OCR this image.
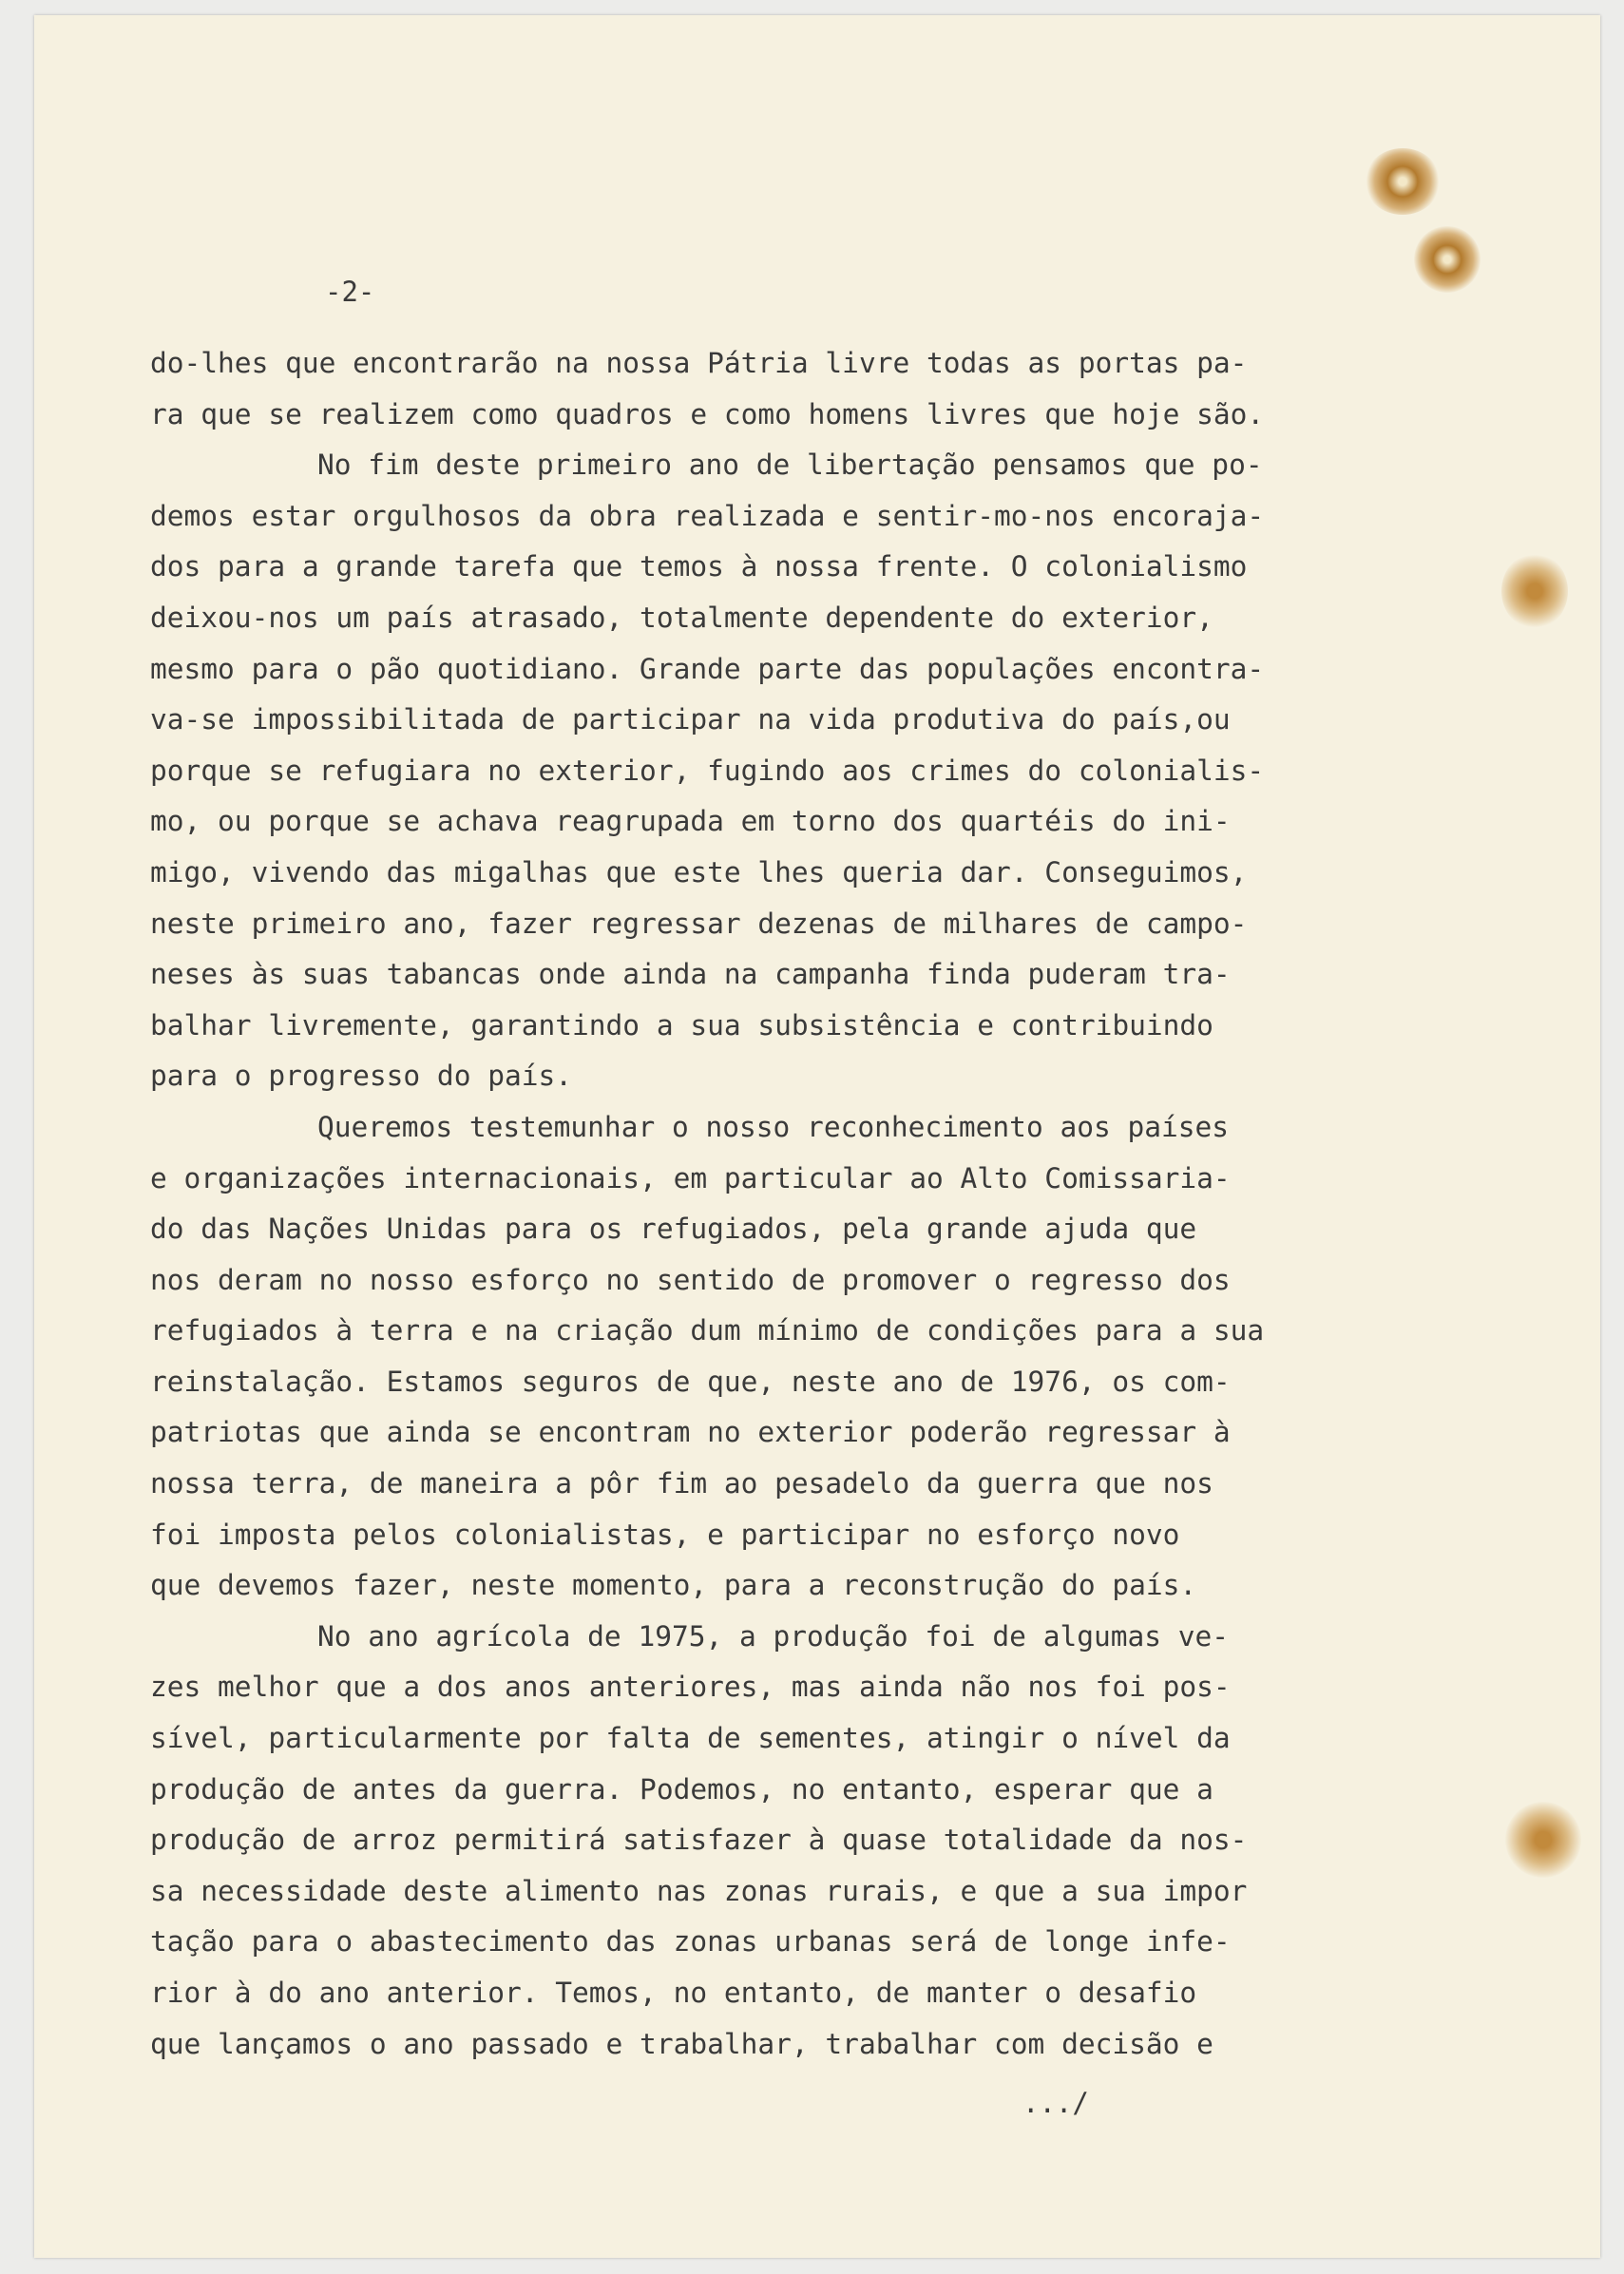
-2-
do-lhes que encontrarão na nossa Pátria livre todas as portas pa-
ra que se realizem como quadros e como homens livres que hoje são.
No fim deste primeiro ano de libertação pensamos que po-
demos estar orgulhosos da obra realizada e sentir-mo-nos encoraja-
dos para a grande tarefa que temos à nossa frente. O colonialismo
deixou-nos um país atrasado, totalmente dependente do exterior,
mesmo para o pão quotidiano. Grande parte das populações encontra-
va-se impossibilitada de participar na vida produtiva do país,ou
porque se refugiara no exterior, fugindo aos crimes do colonialis-
mo, ou porque se achava reagrupada em torno dos quartéis do ini-
migo, vivendo das migalhas que este lhes queria dar. Conseguimos,
neste primeiro ano, fazer regressar dezenas de milhares de campo-
neses às suas tabancas onde ainda na campanha finda puderam tra-
balhar livremente, garantindo a sua subsistência e contribuindo
para o progresso do país.
Queremos testemunhar o nosso reconhecimento aos países
e organizações internacionais, em particular ao Alto Comissaria-
do das Nações Unidas para os refugiados, pela grande ajuda que
nos deram no nosso esforço no sentido de promover o regresso dos
refugiados à terra e na criação dum mínimo de condições para a sua
reinstalação. Estamos seguros de que, neste ano de 1976, os com-
patriotas que ainda se encontram no exterior poderão regressar à
nossa terra, de maneira a pôr fim ao pesadelo da guerra que nos
foi imposta pelos colonialistas, e participar no esforço novo
que devemos fazer, neste momento, para a reconstrução do país.
No ano agrícola de 1975, a produção foi de algumas ve-
zes melhor que a dos anos anteriores, mas ainda não nos foi pos-
sível, particularmente por falta de sementes, atingir o nível da
produção de antes da guerra. Podemos, no entanto, esperar que a
produção de arroz permitirá satisfazer à quase totalidade da nos-
sa necessidade deste alimento nas zonas rurais, e que a sua impor
tação para o abastecimento das zonas urbanas será de longe infe-
rior à do ano anterior. Temos, no entanto, de manter o desafio
que lançamos o ano passado e trabalhar, trabalhar com decisão e
.../
